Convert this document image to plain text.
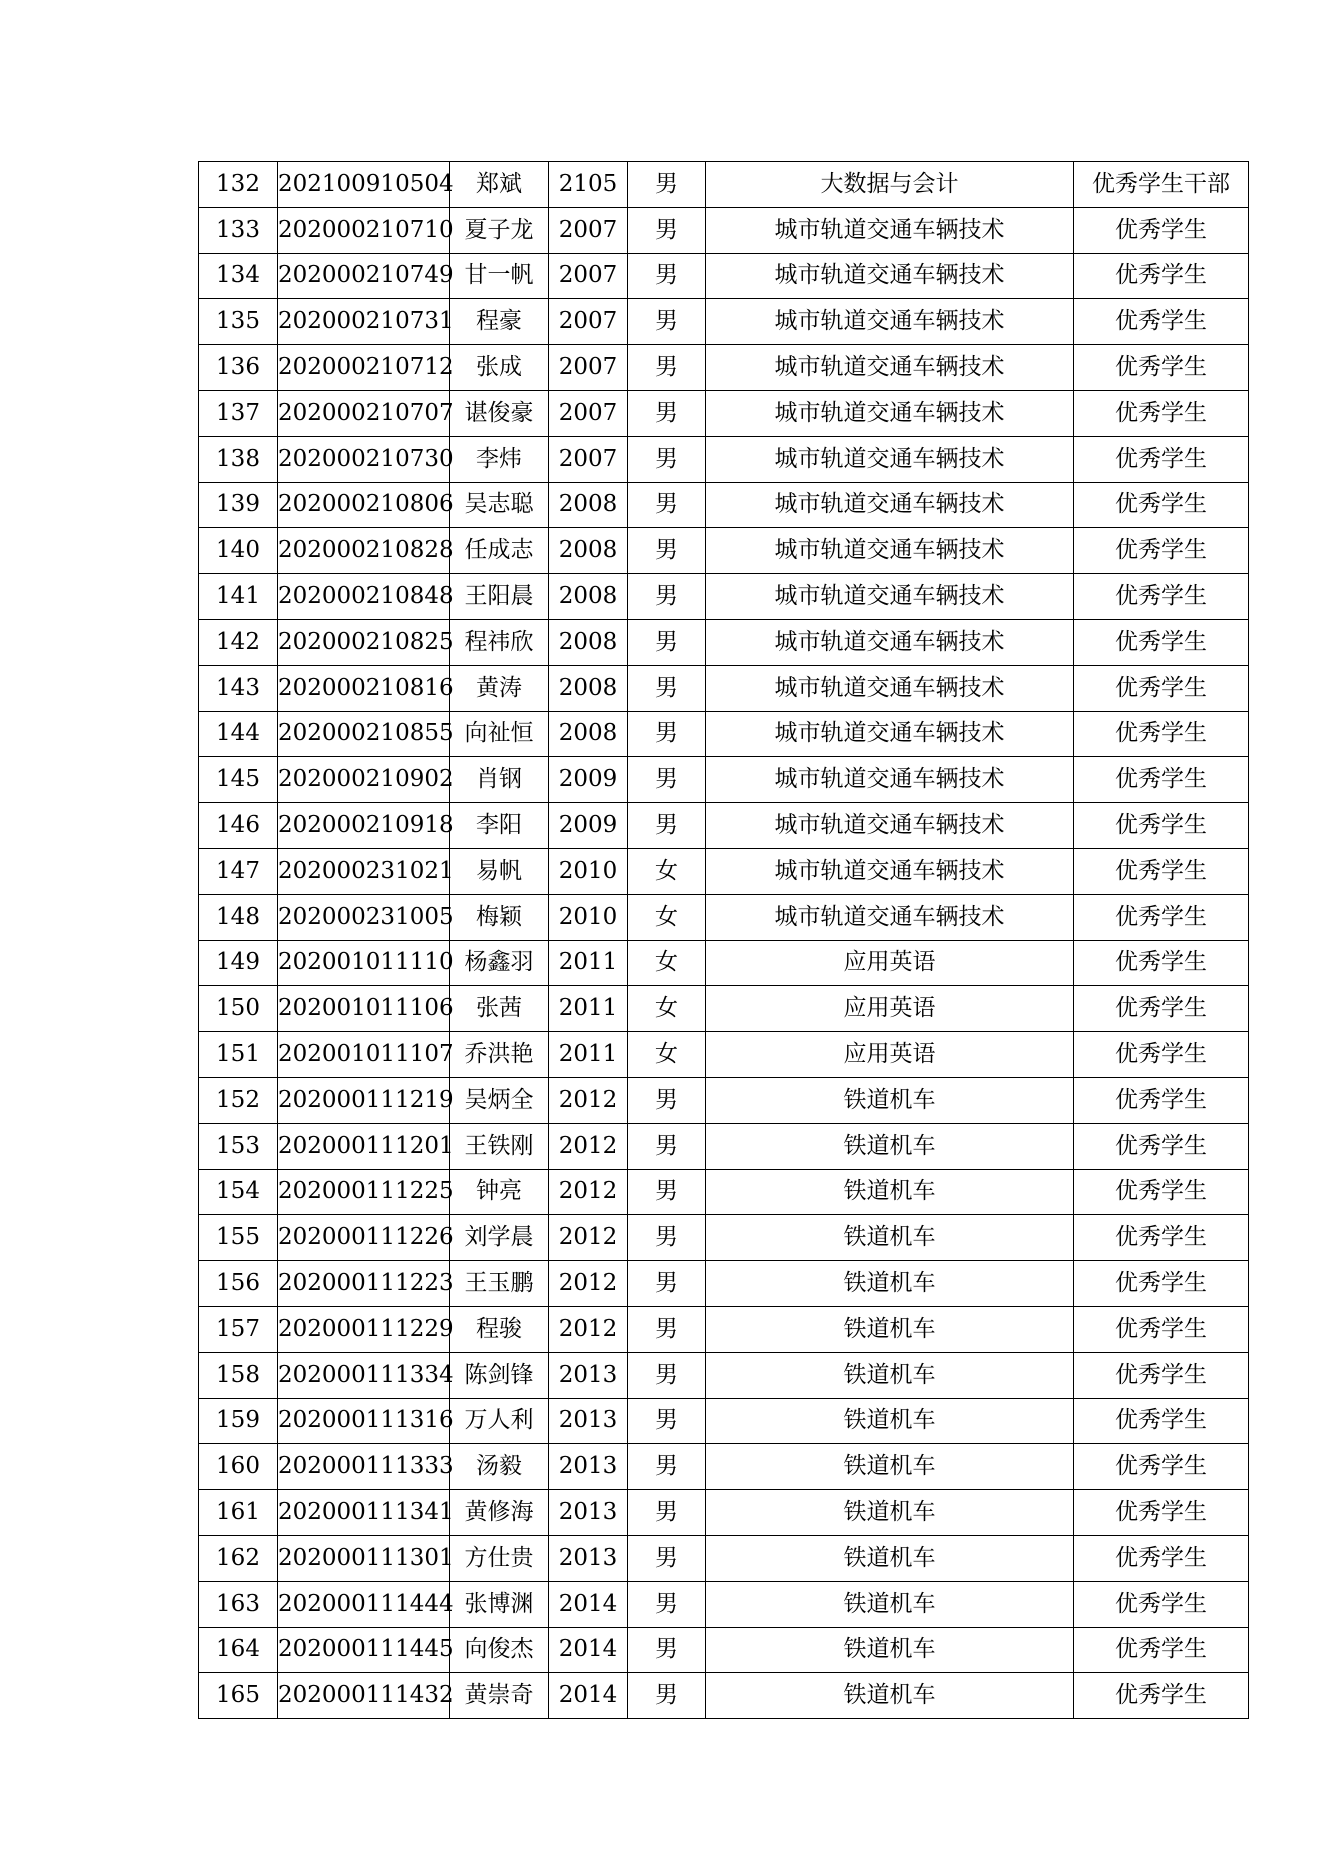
132	202100910504	郑斌	2105	男	大数据与会计	优秀学生干部
133	202000210710	夏子龙	2007	男	城市轨道交通车辆技术	优秀学生
134	202000210749	甘一帆	2007	男	城市轨道交通车辆技术	优秀学生
135	202000210731	程豪	2007	男	城市轨道交通车辆技术	优秀学生
136	202000210712	张成	2007	男	城市轨道交通车辆技术	优秀学生
137	202000210707	谌俊豪	2007	男	城市轨道交通车辆技术	优秀学生
138	202000210730	李炜	2007	男	城市轨道交通车辆技术	优秀学生
139	202000210806	吴志聪	2008	男	城市轨道交通车辆技术	优秀学生
140	202000210828	任成志	2008	男	城市轨道交通车辆技术	优秀学生
141	202000210848	王阳晨	2008	男	城市轨道交通车辆技术	优秀学生
142	202000210825	程祎欣	2008	男	城市轨道交通车辆技术	优秀学生
143	202000210816	黄涛	2008	男	城市轨道交通车辆技术	优秀学生
144	202000210855	向祉恒	2008	男	城市轨道交通车辆技术	优秀学生
145	202000210902	肖钢	2009	男	城市轨道交通车辆技术	优秀学生
146	202000210918	李阳	2009	男	城市轨道交通车辆技术	优秀学生
147	202000231021	易帆	2010	女	城市轨道交通车辆技术	优秀学生
148	202000231005	梅颖	2010	女	城市轨道交通车辆技术	优秀学生
149	202001011110	杨鑫羽	2011	女	应用英语	优秀学生
150	202001011106	张茜	2011	女	应用英语	优秀学生
151	202001011107	乔洪艳	2011	女	应用英语	优秀学生
152	202000111219	吴炳全	2012	男	铁道机车	优秀学生
153	202000111201	王铁刚	2012	男	铁道机车	优秀学生
154	202000111225	钟亮	2012	男	铁道机车	优秀学生
155	202000111226	刘学晨	2012	男	铁道机车	优秀学生
156	202000111223	王玉鹏	2012	男	铁道机车	优秀学生
157	202000111229	程骏	2012	男	铁道机车	优秀学生
158	202000111334	陈剑锋	2013	男	铁道机车	优秀学生
159	202000111316	万人利	2013	男	铁道机车	优秀学生
160	202000111333	汤毅	2013	男	铁道机车	优秀学生
161	202000111341	黄修海	2013	男	铁道机车	优秀学生
162	202000111301	方仕贵	2013	男	铁道机车	优秀学生
163	202000111444	张博渊	2014	男	铁道机车	优秀学生
164	202000111445	向俊杰	2014	男	铁道机车	优秀学生
165	202000111432	黄崇奇	2014	男	铁道机车	优秀学生
